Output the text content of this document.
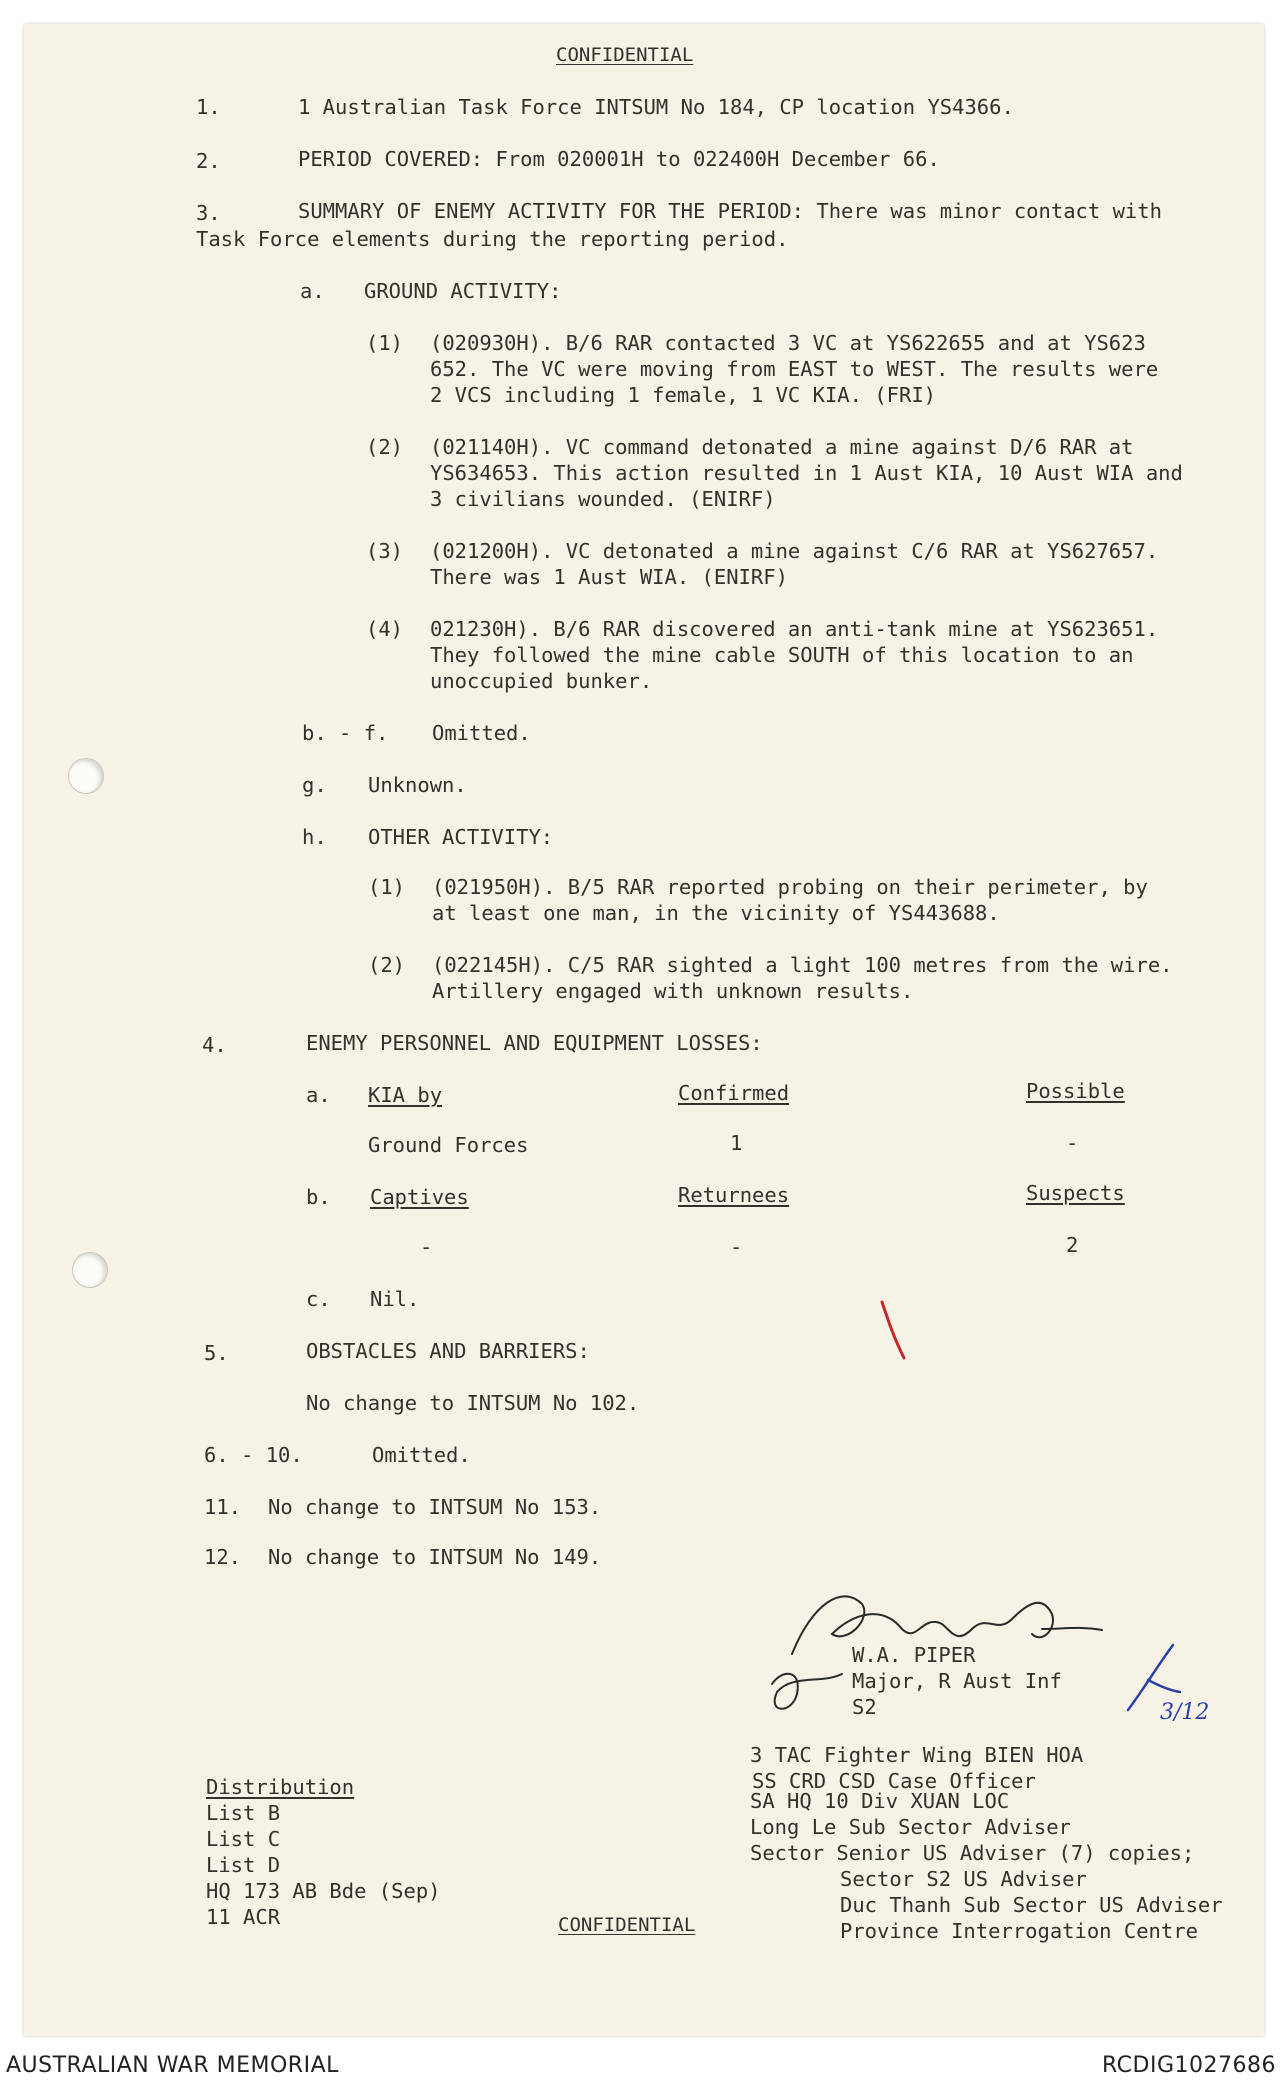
CONFIDENTIAL
1.	1 Australian Task Force INTSUM No 184, CP location YS4366.
2.	PERIOD COVERED: From 020001H to 022400H December 66.
3.	SUMMARY OF ENEMY ACTIVITY FOR THE PERIOD: There was minor contact with
Task Force elements during the reporting period.
a. GROUND ACTIVITY:
(1) (020930H). B/6 RAR contacted 3 VC at YS622655 and at YS623
652. The VC were moving from EAST to WEST. The results were
2 VCS including 1 female, 1 VC KIA. (FRI)
(2) (021140H). VC command detonated a mine against D/6 RAR at
YS634653. This action resulted in 1 Aust KIA, 10 Aust WIA and
3 civilians wounded. (ENIRF)
(3) (021200H). VC detonated a mine against C/6 RAR at YS627657.
There was 1 Aust WIA. (ENIRF)
(4) 021230H). B/6 RAR discovered an anti-tank mine at YS623651.
They followed the mine cable SOUTH of this location to an
unoccupied bunker.
b. - f. Omitted.
g. Unknown.
h. OTHER ACTIVITY:
(1) (021950H). B/5 RAR reported probing on their perimeter, by
at least one man, in the vicinity of YS443688.
(2) (022145H). C/5 RAR sighted a light 100 metres from the wire.
Artillery engaged with unknown results.
4.	ENEMY PERSONNEL AND EQUIPMENT LOSSES:
a. KIA by	Confirmed	Possible
Ground Forces	1	-
b. Captives	Returnees	Suspects
-	-	2
c. Nil.
5.	OBSTACLES AND BARRIERS:
No change to INTSUM No 102.
6. - 10.	Omitted.
11. No change to INTSUM No 153.
12. No change to INTSUM No 149.
W.A. PIPER
Major, R Aust Inf
S2	3/12
Distribution
List B
List C
List D
HQ 173 AB Bde (Sep)
11 ACR
3 TAC Fighter Wing BIEN HOA
SS CRD CSD Case Officer
SA HQ 10 Div XUAN LOC
Long Le Sub Sector Adviser
Sector Senior US Adviser (7) copies;
Sector S2 US Adviser
Duc Thanh Sub Sector US Adviser
Province Interrogation Centre
CONFIDENTIAL
AUSTRALIAN WAR MEMORIAL	RCDIG1027686
